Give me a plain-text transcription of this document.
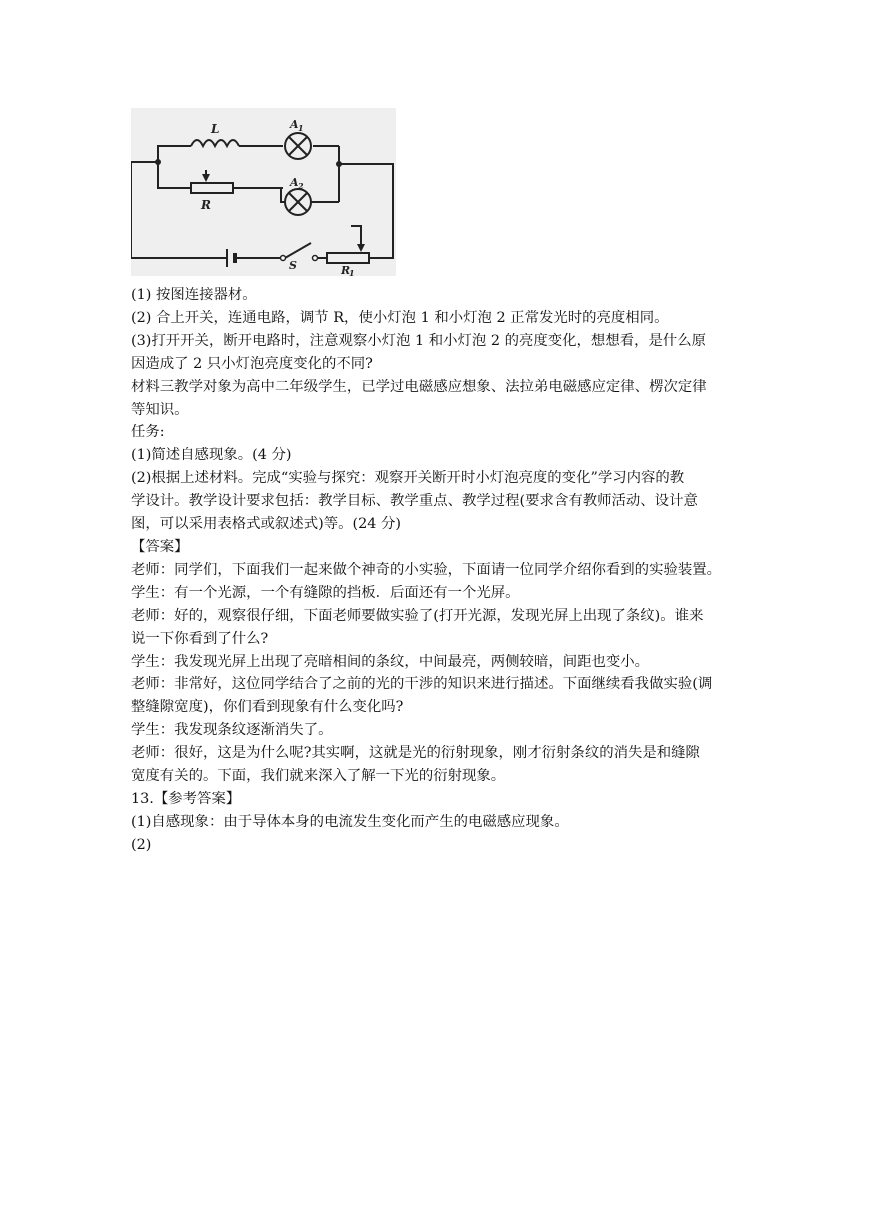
L	A 1
A 2
R
S	R
1

(1) 按图连接器材。

(2) 合上开关，连通电路，调节 R，使小灯泡 1 和小灯泡 2 正常发光时的亮度相同。

(3)打开开关，断开电路时，注意观察小灯泡 1 和小灯泡 2 的亮度变化，想想看，是什么原

因造成了 2 只小灯泡亮度变化的不同?

材料三教学对象为高中二年级学生，已学过电磁感应想象、法拉弟电磁感应定律、楞次定律

等知识。

任务:

(1)简述自感现象。(4 分)

(2)根据上述材料。完成“实验与探究：观察开关断开时小灯泡亮度的变化”学习内容的教

学设计。教学设计要求包括：教学目标、教学重点、教学过程(要求含有教师活动、设计意

图，可以采用表格式或叙述式)等。(24 分)

【答案】

老师：同学们，下面我们一起来做个神奇的小实验，下面请一位同学介绍你看到的实验装置。

学生：有一个光源，一个有缝隙的挡板．后面还有一个光屏。

老师：好的，观察很仔细，下面老师要做实验了(打开光源，发现光屏上出现了条纹)。谁来

说一下你看到了什么?

学生：我发现光屏上出现了亮暗相间的条纹，中间最亮，两侧较暗，间距也变小。

老师：非常好，这位同学结合了之前的光的干涉的知识来进行描述。下面继续看我做实验(调

整缝隙宽度)，你们看到现象有什么变化吗?

学生：我发现条纹逐渐消失了。

老师：很好，这是为什么呢?其实啊，这就是光的衍射现象，刚才衍射条纹的消失是和缝隙

宽度有关的。下面，我们就来深入了解一下光的衍射现象。

13.【参考答案】

(1)自感现象：由于导体本身的电流发生变化而产生的电磁感应现象。

(2)
